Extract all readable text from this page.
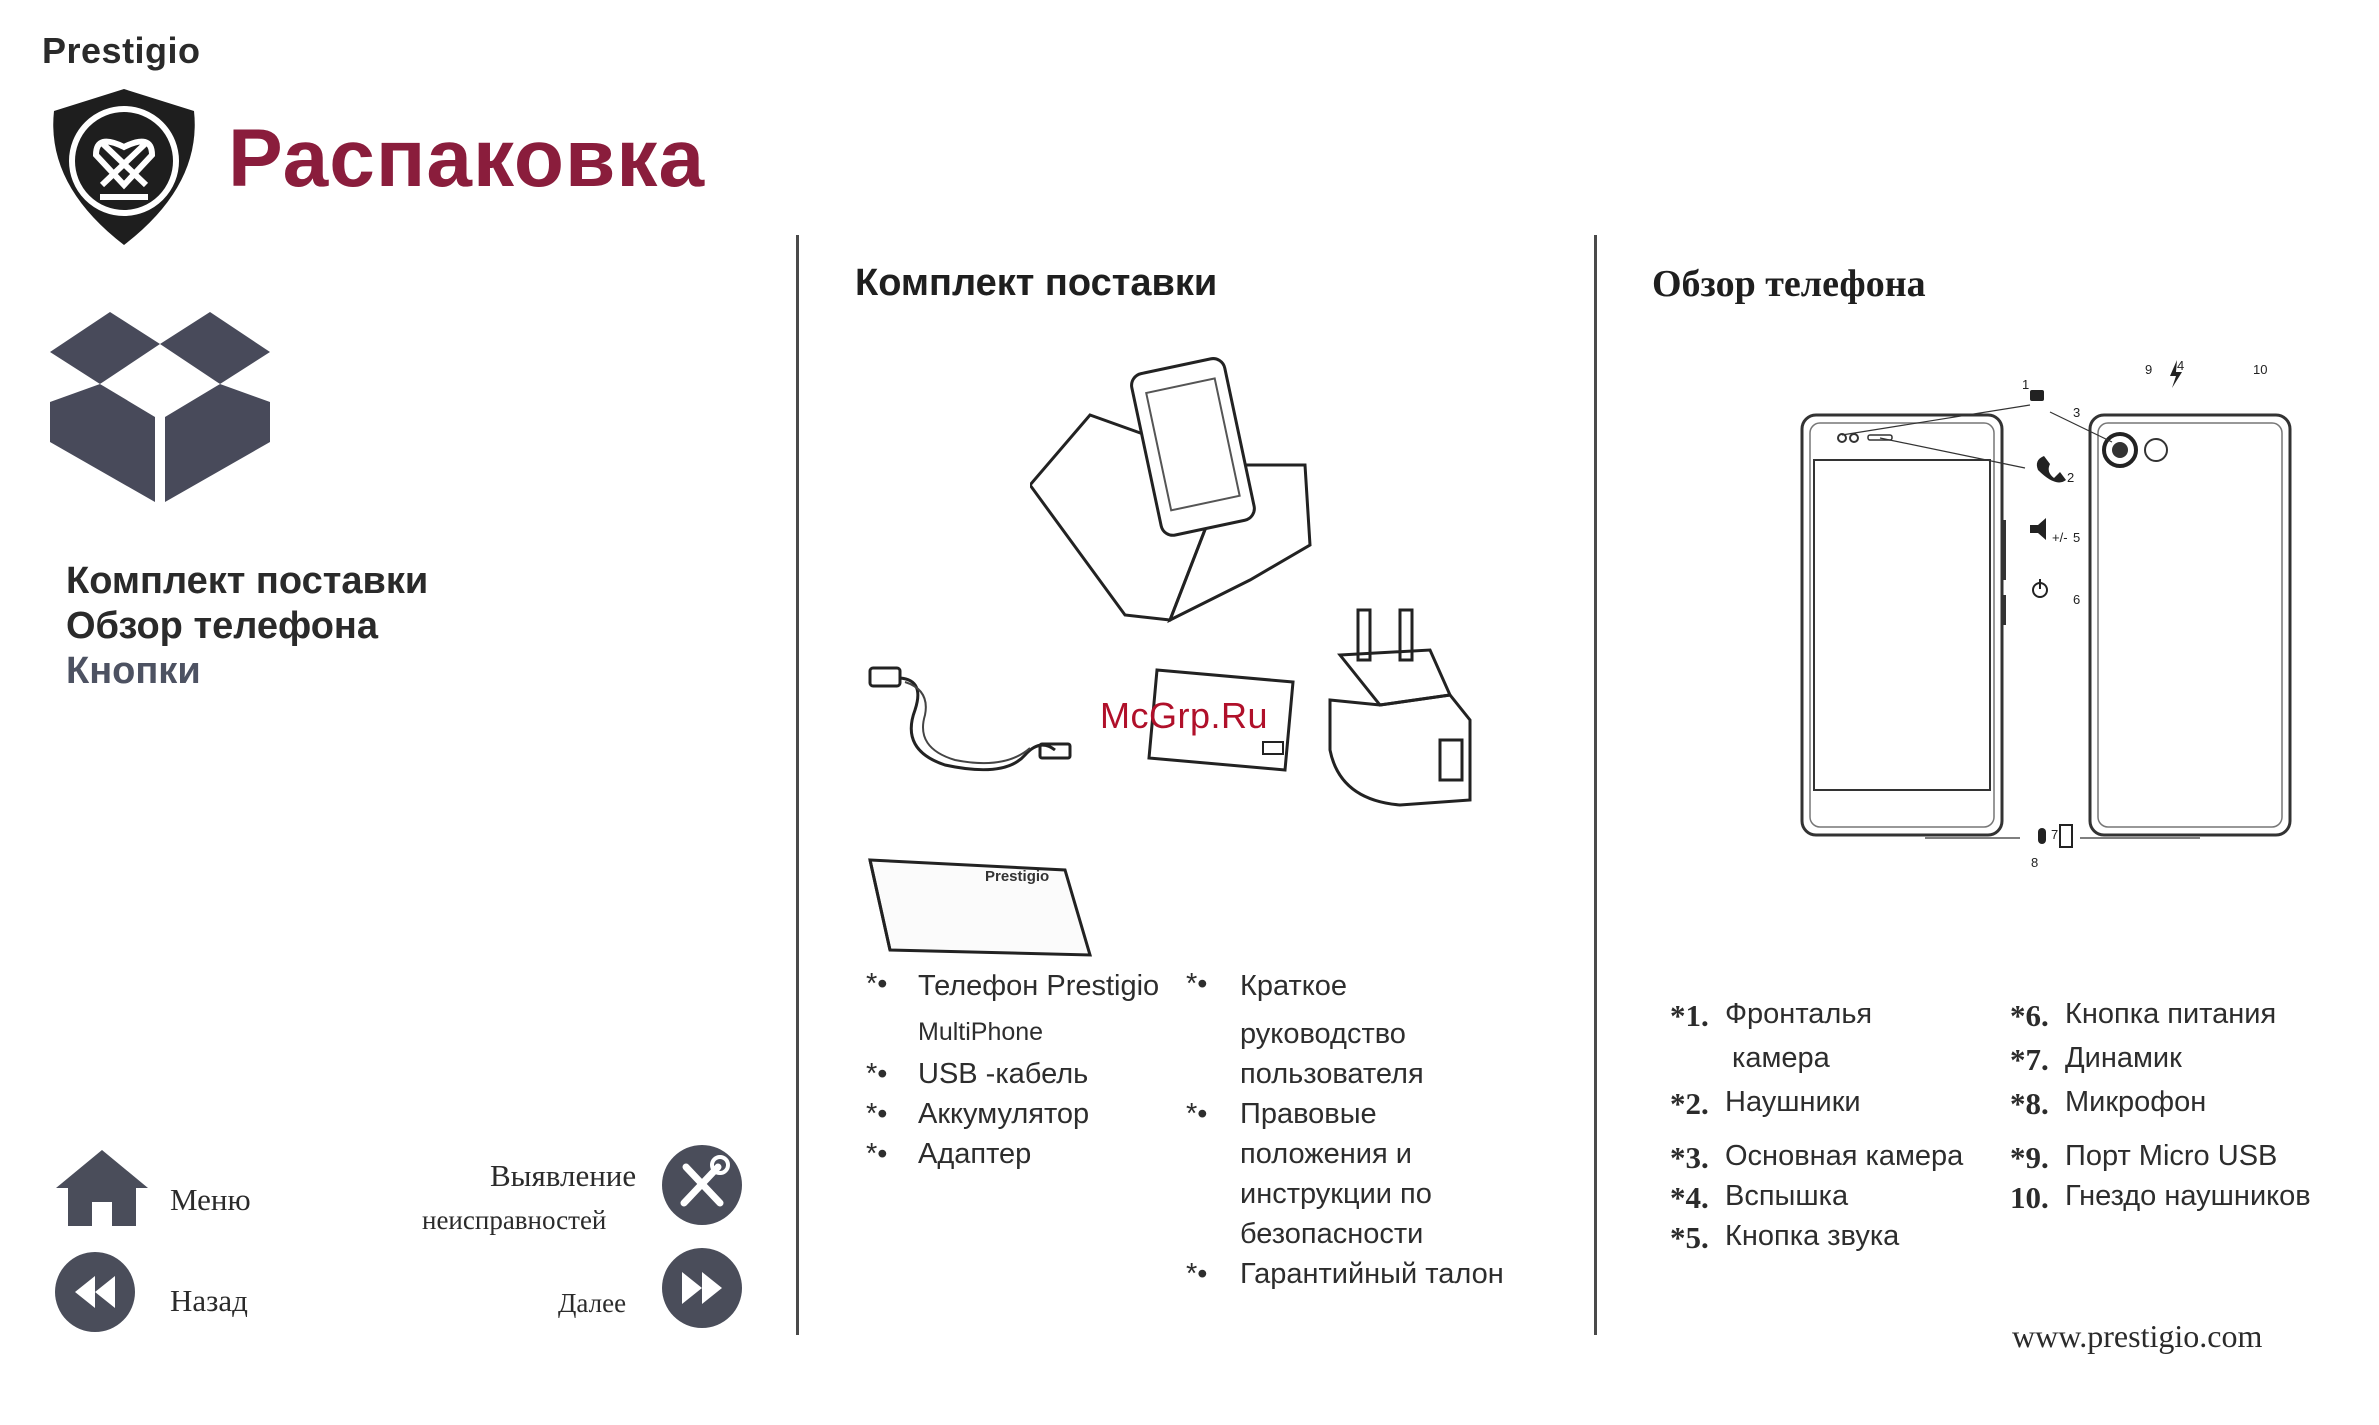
Prestigio
Распаковка
Комплект поставки
Обзор телефона
Кнопки
Меню
Назад
Выявление
неисправностей
Далее
Комплект поставки
Prestigio
McGrp.Ru
*• Телефон Prestigio
MultiPhone
*• USB -кабель
*• Аккумулятор
*• Адаптер
*• Краткое
руководство
пользователя
*• Правовые
положения и
инструкции по
безопасности
*• Гарантийный талон
Обзор телефона
1
2
3
4
5
6
7
8
9	10
+/-
*1. Фронталья
камера
*2. Наушники
*3. Основная камера
*4. Вспышка
*5. Кнопка звука
*6. Кнопка питания
*7. Динамик
*8. Микрофон
*9. Порт Micro USB
10. Гнездо наушников
www.prestigio.com
